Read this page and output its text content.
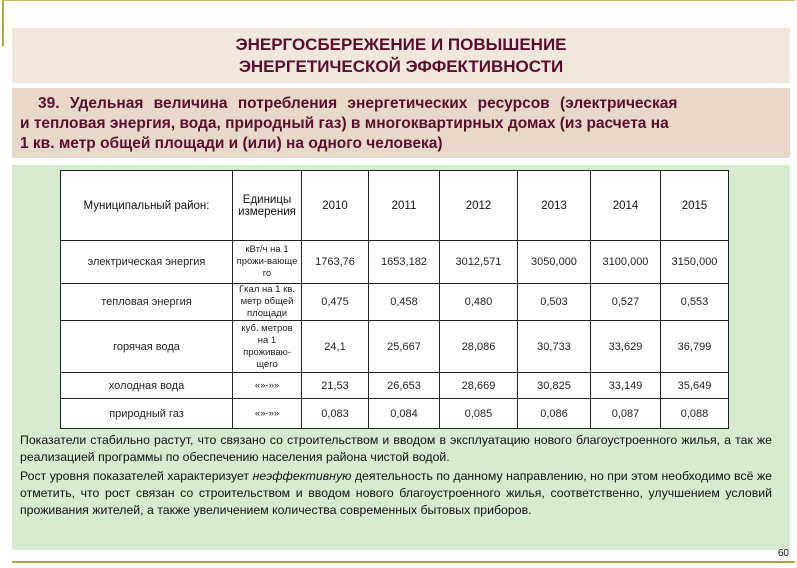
ЭНЕРГОСБЕРЕЖЕНИЕ И ПОВЫШЕНИЕ
ЭНЕРГЕТИЧЕСКОЙ ЭФФЕКТИВНОСТИ
39. Удельная величина потребления энергетических ресурсов (электрическая
и тепловая энергия, вода, природный газ) в многоквартирных домах (из расчета на
1 кв. метр общей площади и (или) на одного человека)
Муниципальный район:	Единицы измерения	2010	2011	2012	2013	2014	2015
электрическая энергия	кВт/ч на 1 прожи-вающе го	1763,76	1653,182	3012,571	3050,000	3100,000	3150,000
тепловая энергия	Гкал на 1 кв. метр общей площади	0,475	0,458	0,480	0,503	0,527	0,553
горячая вода	куб. метров на 1 проживаю-щего	24,1	25,667	28,086	30,733	33,629	36,799
холодная вода	«»-»»	21,53	26,653	28,669	30,825	33,149	35,649
природный газ	«»-»»	0,083	0,084	0,085	0,086	0,087	0,088

Показатели стабильно растут, что связано со строительством и вводом в эксплуатацию нового благоустроенного жилья, а так же реализацией программы по обеспечению населения района чистой водой.

Рост уровня показателей характеризует неэффективную деятельность по данному направлению, но при этом необходимо всё же отметить, что рост связан со строительством и вводом нового благоустроенного жилья, соответственно, улучшением условий проживания жителей, а также увеличением количества современных бытовых приборов.

60
